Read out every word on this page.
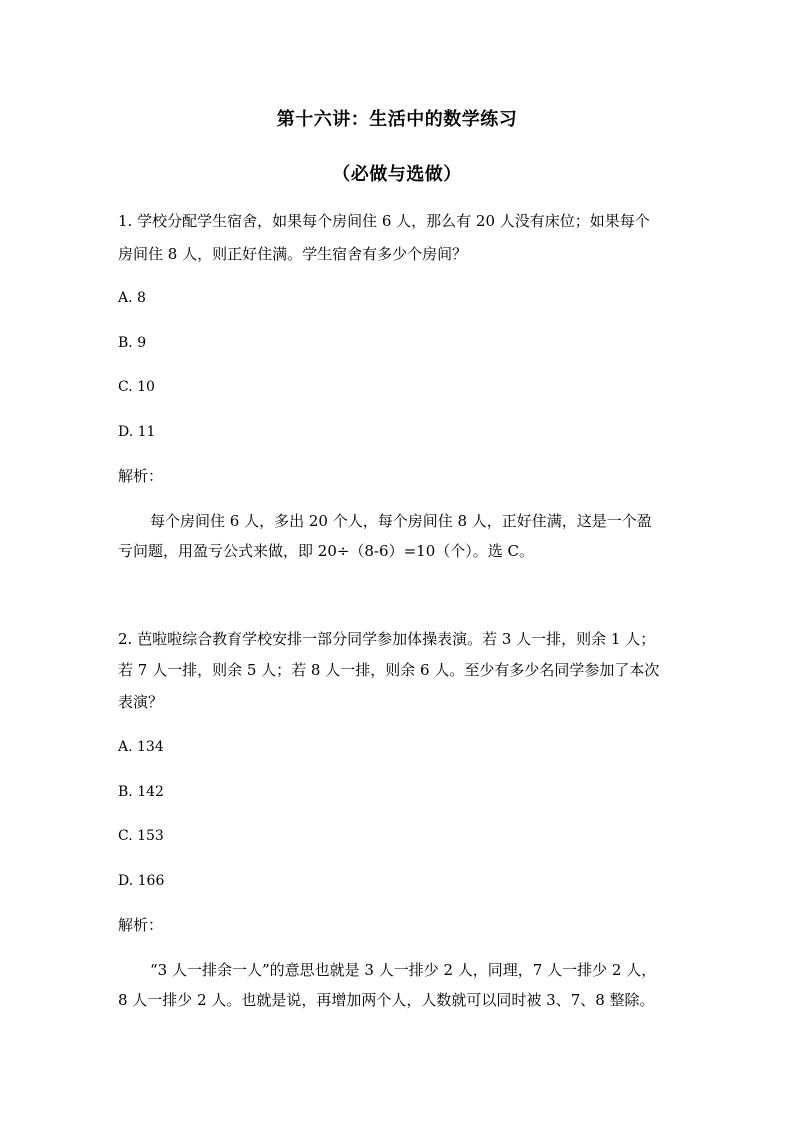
第十六讲：生活中的数学练习
（必做与选做）
1. 学校分配学生宿舍，如果每个房间住 6 人，那么有 20 人没有床位；如果每个
房间住 8 人，则正好住满。学生宿舍有多少个房间？
A. 8
B. 9
C. 10
D. 11
解析：
每个房间住 6 人，多出 20 个人，每个房间住 8 人，正好住满，这是一个盈
亏问题，用盈亏公式来做，即 20÷（8-6）=10（个）。选 C。
2. 芭啦啦综合教育学校安排一部分同学参加体操表演。若 3 人一排，则余 1 人；
若 7 人一排，则余 5 人；若 8 人一排，则余 6 人。至少有多少名同学参加了本次
表演？
A. 134
B. 142
C. 153
D. 166
解析：
“3 人一排余一人”的意思也就是 3 人一排少 2 人，同理，7 人一排少 2 人，
8 人一排少 2 人。也就是说，再增加两个人，人数就可以同时被 3、7、8 整除。
